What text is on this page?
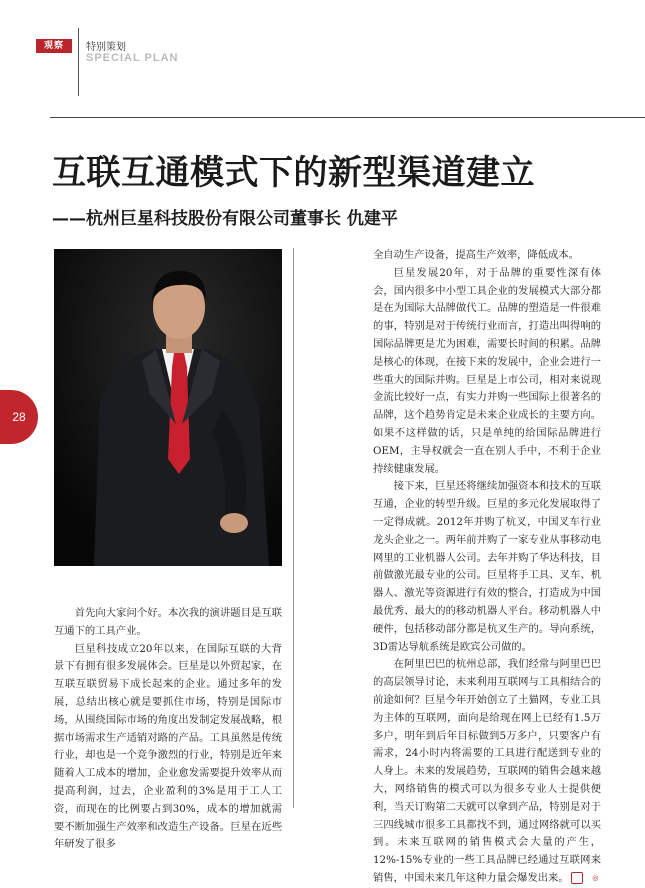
观察	特别策划
SPECIAL PLAN
互联互通模式下的新型渠道建立
——杭州巨星科技股份有限公司董事长 仇建平
28

首先向大家问个好。本次我的演讲题目是互联互通下的工具产业。

巨星科技成立20年以来，在国际互联的大背景下有拥有很多发展体会。巨星是以外贸起家，在互联互联贸易下成长起来的企业。通过多年的发展，总结出核心就是要抓住市场，特别是国际市场，从围绕国际市场的角度出发制定发展战略，根据市场需求生产适销对路的产品。工具虽然是传统行业，却也是一个竞争激烈的行业，特别是近年来随着人工成本的增加，企业愈发需要提升效率从而提高利润，过去，企业盈利的3%是用于工人工资，而现在的比例要占到30%，成本的增加就需要不断加强生产效率和改造生产设备。巨星在近些年研发了很多

全自动生产设备，提高生产效率，降低成本。

巨星发展20年，对于品牌的重要性深有体会，国内很多中小型工具企业的发展模式大部分都是在为国际大品牌做代工。品牌的塑造是一件很难的事，特别是对于传统行业而言，打造出叫得响的国际品牌更是尤为困难，需要长时间的积累。品牌是核心的体现，在接下来的发展中，企业会进行一些重大的国际并购。巨星是上市公司，相对来说现金流比较好一点，有实力并购一些国际上很著名的品牌，这个趋势肯定是未来企业成长的主要方向。如果不这样做的话，只是单纯的给国际品牌进行OEM，主导权就会一直在别人手中，不利于企业持续健康发展。

接下来，巨星还将继续加强资本和技术的互联互通，企业的转型升级。巨星的多元化发展取得了一定得成就。2012年并购了杭叉，中国叉车行业龙头企业之一。两年前并购了一家专业从事移动电网里的工业机器人公司。去年并购了华达科技，目前做激光最专业的公司。巨星将手工具、叉车、机器人、激光等资源进行有效的整合，打造成为中国最优秀、最大的的移动机器人平台。移动机器人中硬件，包括移动部分都是杭叉生产的。导向系统，3D雷达导航系统是欧宾公司做的。

在阿里巴巴的杭州总部，我们经常与阿里巴巴的高层领导讨论，未来利用互联网与工具相结合的前途如何？巨星今年开始创立了土猫网，专业工具为主体的互联网，面向是给现在网上已经有1.5万多户，明年到后年目标做到5万多户，只要客户有需求，24小时内将需要的工具进行配送到专业的人身上。未来的发展趋势，互联网的销售会越来越大，网络销售的模式可以为很多专业人士提供便利，当天订购第二天就可以拿到产品，特别是对于三四线城市很多工具都找不到，通过网络就可以买到。未来互联网的销售模式会大量的产生，12%-15%专业的一些工具品牌已经通过互联网来销售，中国未来几年这种力量会爆发出来。	◎
